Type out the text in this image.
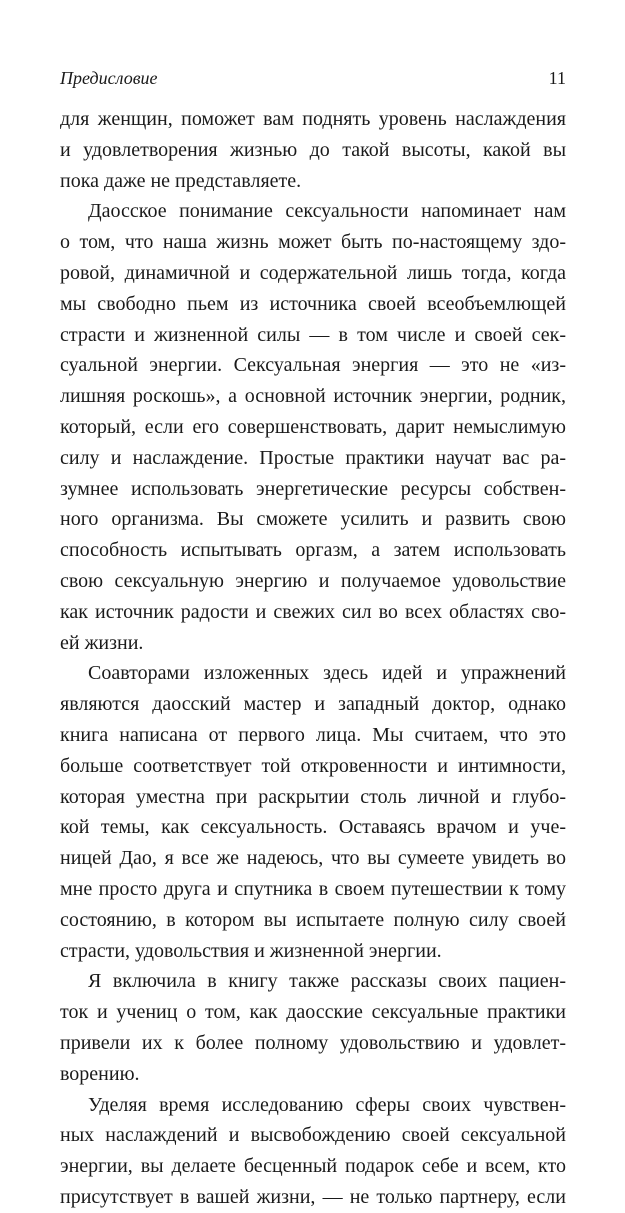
Предисловие	11
для женщин, поможет вам поднять уровень наслаждения
и удовлетворения жизнью до такой высоты, какой вы
пока даже не представляете.
Даосское понимание сексуальности напоминает нам
о том, что наша жизнь может быть по-настоящему здо-
ровой, динамичной и содержательной лишь тогда, когда
мы свободно пьем из источника своей всеобъемлющей
страсти и жизненной силы — в том числе и своей сек-
суальной энергии. Сексуальная энергия — это не «из-
лишняя роскошь», а основной источник энергии, родник,
который, если его совершенствовать, дарит немыслимую
силу и наслаждение. Простые практики научат вас ра-
зумнее использовать энергетические ресурсы собствен-
ного организма. Вы сможете усилить и развить свою
способность испытывать оргазм, а затем использовать
свою сексуальную энергию и получаемое удовольствие
как источник радости и свежих сил во всех областях сво-
ей жизни.
Соавторами изложенных здесь идей и упражнений
являются даосский мастер и западный доктор, однако
книга написана от первого лица. Мы считаем, что это
больше соответствует той откровенности и интимности,
которая уместна при раскрытии столь личной и глубо-
кой темы, как сексуальность. Оставаясь врачом и уче-
ницей Дао, я все же надеюсь, что вы сумеете увидеть во
мне просто друга и спутника в своем путешествии к тому
состоянию, в котором вы испытаете полную силу своей
страсти, удовольствия и жизненной энергии.
Я включила в книгу также рассказы своих пациен-
ток и учениц о том, как даосские сексуальные практики
привели их к более полному удовольствию и удовлет-
ворению.
Уделяя время исследованию сферы своих чувствен-
ных наслаждений и высвобождению своей сексуальной
энергии, вы делаете бесценный подарок себе и всем, кто
присутствует в вашей жизни, — не только партнеру, если
